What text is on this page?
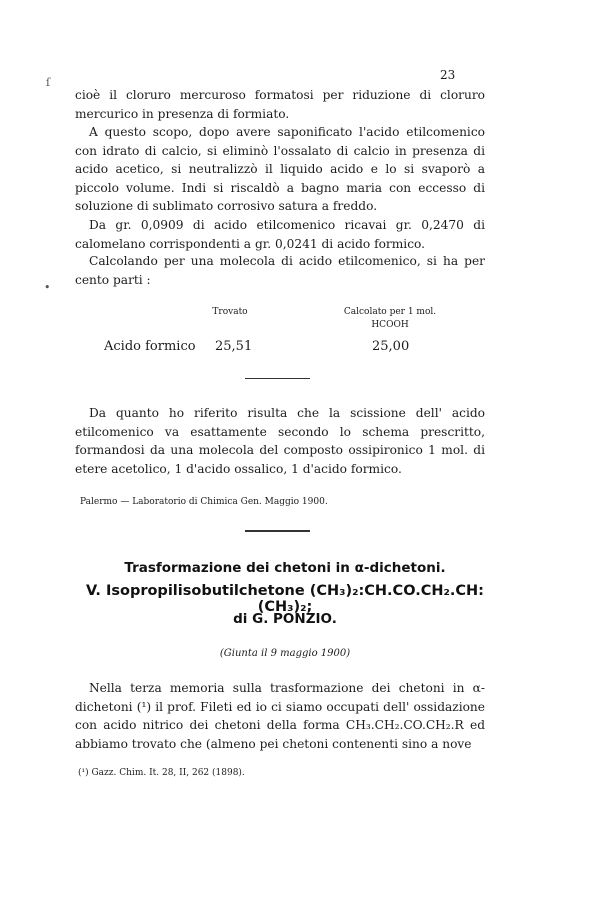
23

cioè il cloruro mercuroso formatosi per riduzione di cloruro mercurico in presenza di formiato.

A questo scopo, dopo avere saponificato l'acido etilcomenico con idrato di calcio, si eliminò l'ossalato di calcio in presenza di acido acetico, si neutralizzò il liquido acido e lo si svaporò a piccolo volume. Indi si riscaldò a bagno maria con eccesso di soluzione di sublimato corrosivo satura a freddo.

Da gr. 0,0909 di acido etilcomenico ricavai gr. 0,2470 di calomelano corrispondenti a gr. 0,0241 di acido formico.

Calcolando per una molecola di acido etilcomenico, si ha per cento parti :

Trovato	Calcolato per 1 mol.
HCOOH
Acido formico 25,51	25,00

Da quanto ho riferito risulta che la scissione dell' acido etilcomenico va esattamente secondo lo schema prescritto, formandosi da una molecola del composto ossipironico 1 mol. di etere acetolico, 1 d'acido ossalico, 1 d'acido formico.

Palermo — Laboratorio di Chimica Gen. Maggio 1900.
Trasformazione dei chetoni in α-dichetoni.
V. Isopropilisobutilchetone (CH₃)₂:CH.CO.CH₂.CH:(CH₃)₂;
di G. PONZIO.
(Giunta il 9 maggio 1900)

Nella terza memoria sulla trasformazione dei chetoni in α-dichetoni (¹) il prof. Fileti ed io ci siamo occupati dell' ossidazione con acido nitrico dei chetoni della forma CH₃.CH₂.CO.CH₂.R ed abbiamo trovato che (almeno pei chetoni contenenti sino a nove

(¹) Gazz. Chim. It. 28, II, 262 (1898).
ſ
•
